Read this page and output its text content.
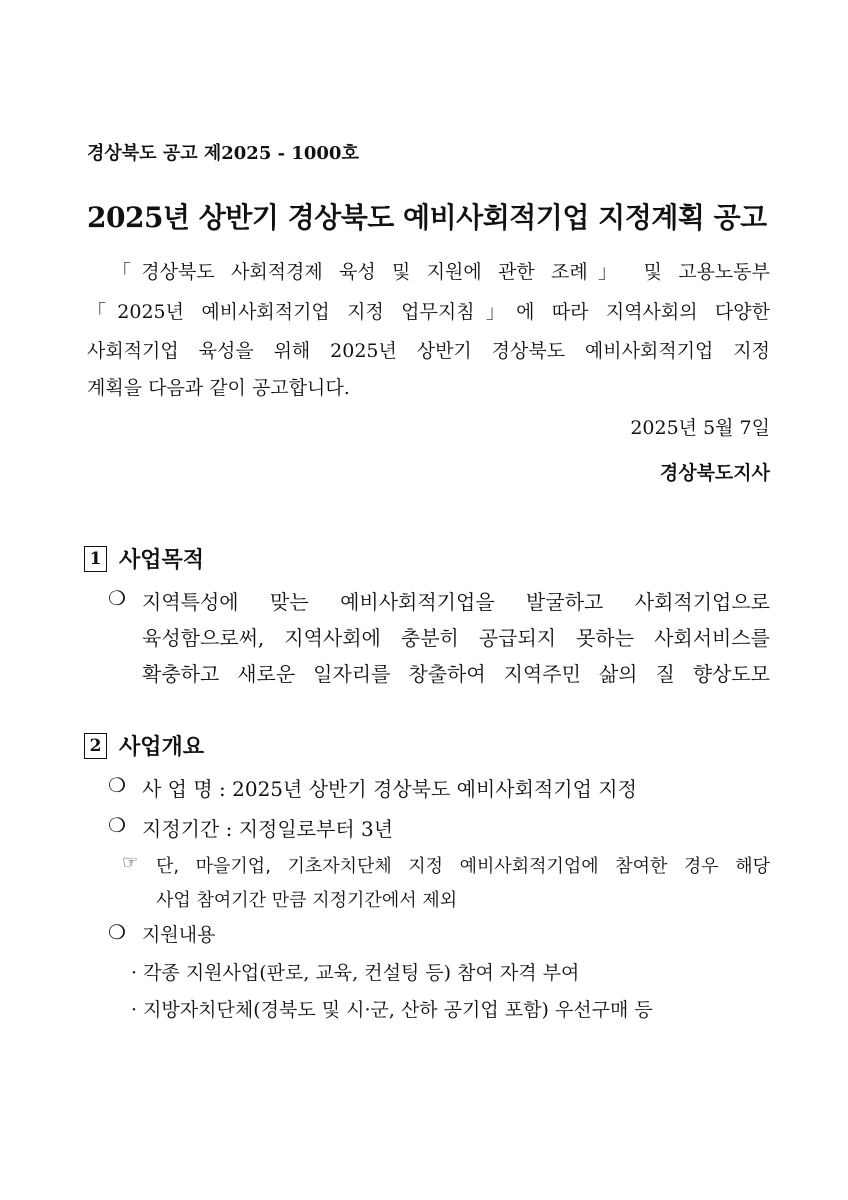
경상북도 공고 제2025 - 1000호
2025년 상반기 경상북도 예비사회적기업 지정계획 공고
「경상북도 사회적경제 육성 및 지원에 관한 조례」 및 고용노동부
「2025년 예비사회적기업 지정 업무지침」에 따라 지역사회의 다양한
사회적기업 육성을 위해 2025년 상반기 경상북도 예비사회적기업 지정
계획을 다음과 같이 공고합니다.
2025년 5월 7일
경상북도지사
1 사업목적
❍ 지역특성에 맞는 예비사회적기업을 발굴하고 사회적기업으로
육성함으로써, 지역사회에 충분히 공급되지 못하는 사회서비스를
확충하고 새로운 일자리를 창출하여 지역주민 삶의 질 향상도모
2 사업개요
❍ 사 업 명 : 2025년 상반기 경상북도 예비사회적기업 지정
❍ 지정기간 : 지정일로부터 3년
☞ 단, 마을기업, 기초자치단체 지정 예비사회적기업에 참여한 경우 해당
사업 참여기간 만큼 지정기간에서 제외
❍ 지원내용
· 각종 지원사업(판로, 교육, 컨설팅 등) 참여 자격 부여
· 지방자치단체(경북도 및 시·군, 산하 공기업 포함) 우선구매 등
